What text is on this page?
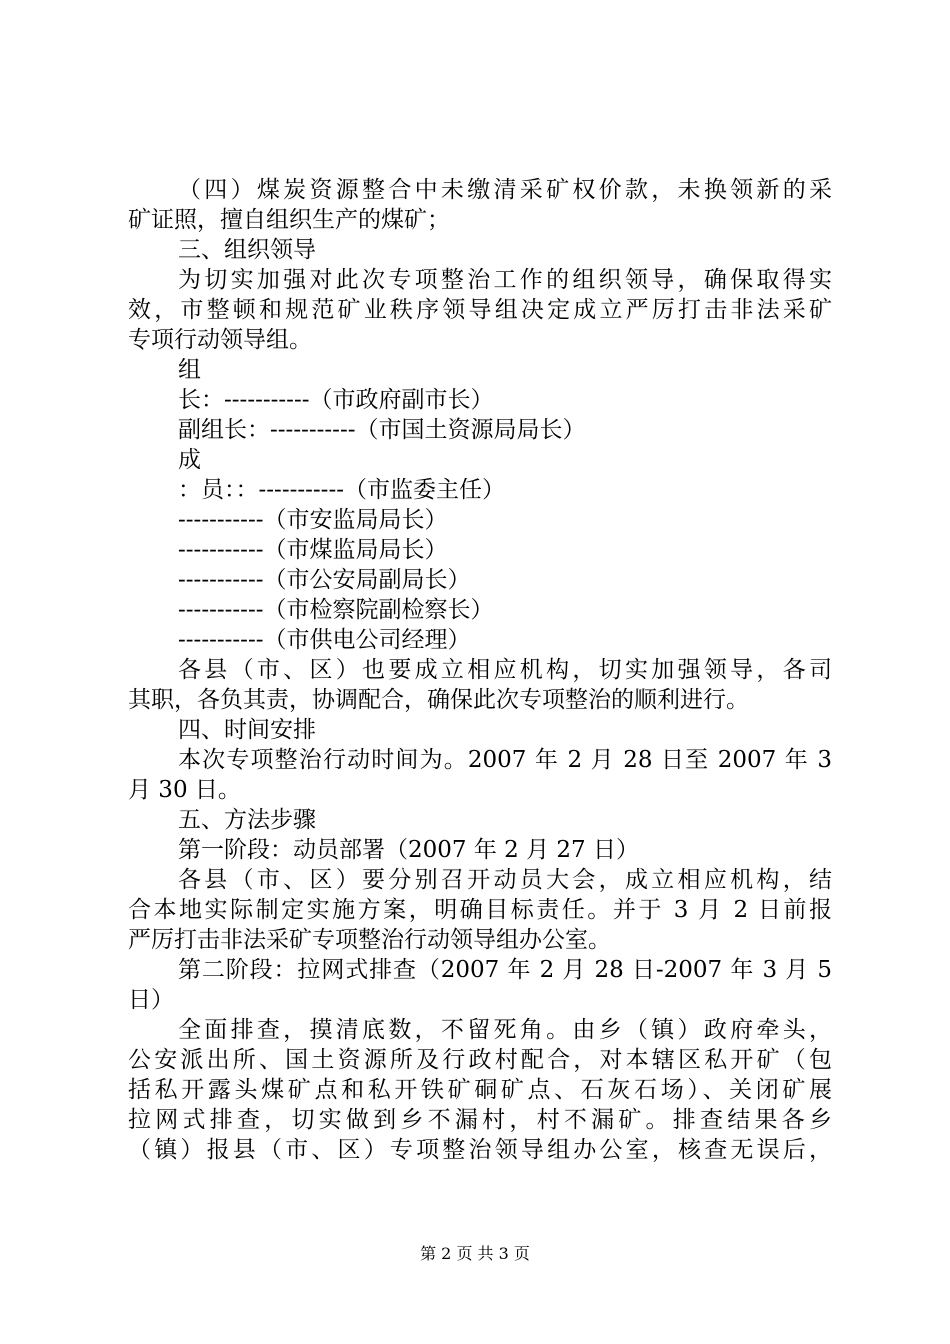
（四）煤炭资源整合中未缴清采矿权价款，未换领新的采
矿证照，擅自组织生产的煤矿；
三、组织领导
为切实加强对此次专项整治工作的组织领导，确保取得实
效，市整顿和规范矿业秩序领导组决定成立严厉打击非法采矿
专项行动领导组。
组
长：-----------（市政府副市长）
副组长：-----------（市国土资源局局长）
成
：员：：-----------（市监委主任）
-----------（市安监局局长）
-----------（市煤监局局长）
-----------（市公安局副局长）
-----------（市检察院副检察长）
-----------（市供电公司经理）
各县（市、区）也要成立相应机构，切实加强领导，各司
其职，各负其责，协调配合，确保此次专项整治的顺利进行。
四、时间安排
本次专项整治行动时间为。2007 年 2 月 28 日至 2007 年 3
月 30 日。
五、方法步骤
第一阶段：动员部署（2007 年 2 月 27 日）
各县（市、区）要分别召开动员大会，成立相应机构，结
合本地实际制定实施方案，明确目标责任。并于 3 月 2 日前报
严厉打击非法采矿专项整治行动领导组办公室。
第二阶段：拉网式排查（2007 年 2 月 28 日-2007 年 3 月 5
日）
全面排查，摸清底数，不留死角。由乡（镇）政府牵头，
公安派出所、国土资源所及行政村配合，对本辖区私开矿（包
括私开露头煤矿点和私开铁矿硐矿点、石灰石场）、关闭矿展
拉网式排查，切实做到乡不漏村，村不漏矿。排查结果各乡
（镇）报县（市、区）专项整治领导组办公室，核查无误后，
第 2 页 共 3 页
